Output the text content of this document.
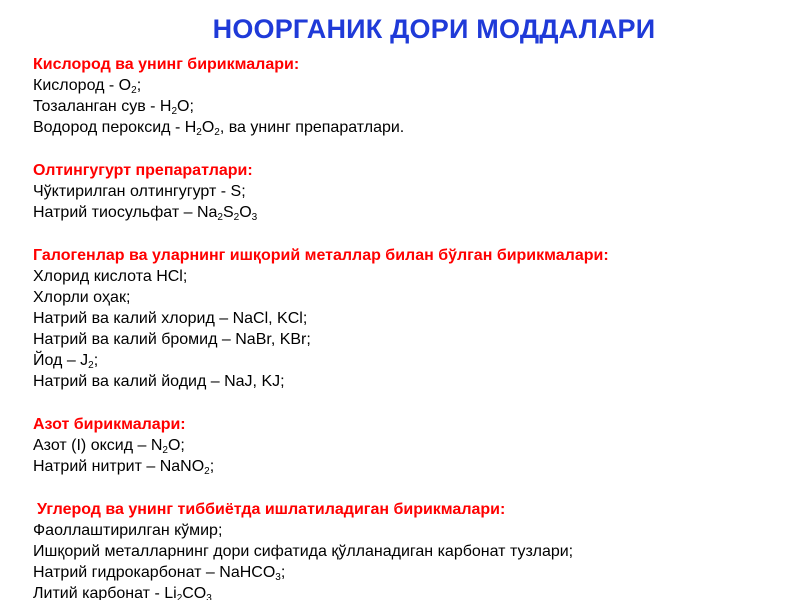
НООРГАНИК ДОРИ МОДДАЛАРИ
Кислород ва унинг бирикмалари:
Кислород - О2;
Тозаланган сув - Н2О;
Водород пероксид - Н2О2, ва унинг препаратлари.
Олтингугурт препаратлари:
Чўктирилган олтингугурт - S;
Натрий тиосульфат – Na2S2O3
Галогенлар ва уларнинг ишқорий металлар билан бўлган бирикмалари:
Хлорид кислота HCl;
Хлорли оҳак;
Натрий ва калий хлорид – NaCl, KCl;
Натрий ва калий бромид – NaBr, KBr;
Йод – J2;
Натрий ва калий йодид – NaJ, KJ;
Азот бирикмалари:
Азот (I) оксид – N2O;
Натрий нитрит – NaNO2;
Углерод ва унинг тиббиётда ишлатиладиган бирикмалари:
Фаоллаштирилган кўмир;
Ишқорий металларнинг дори сифатида қўлланадиган карбонат тузлари;
Натрий гидрокарбонат – NaHCO3;
Литий карбонат - Li2CO3
